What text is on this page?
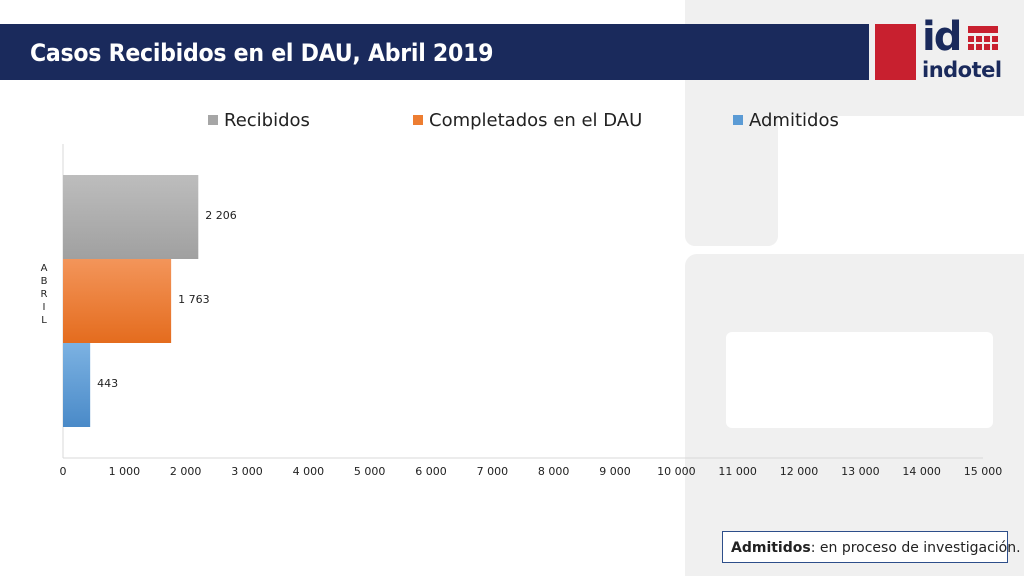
Casos Recibidos en el DAU, Abril 2019	id
indotel
Recibidos	Completados en el DAU	Admitidos
A
B
R
I
L
0	1 000	2 000	3 000	4 000	5 000	6 000	7 000	8 000	9 000	10 000	11 000	12 000	13 000	14 000	15 000
2 206
1 763
443
Admitidos: en proceso de investigación.
